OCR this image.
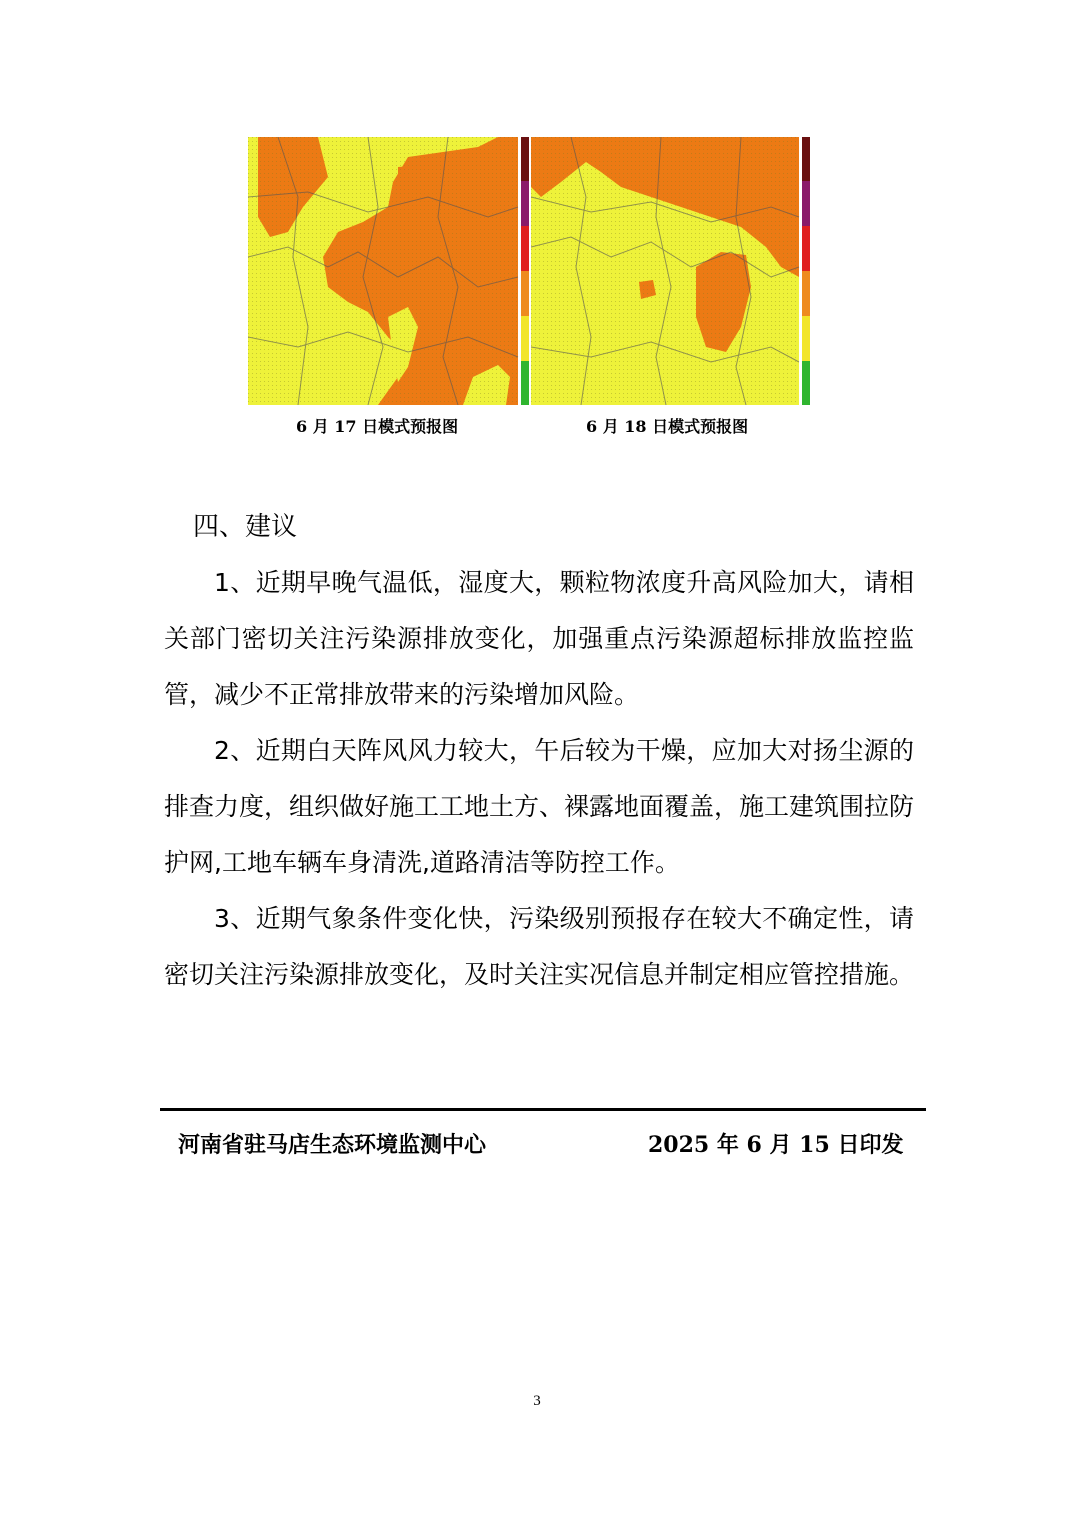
6 月 17 日模式预报图	6 月 18 日模式预报图
四、建议

1、近期早晚气温低，湿度大，颗粒物浓度升高风险加大，请相关部门密切关注污染源排放变化，加强重点污染源超标排放监控监管，减少不正常排放带来的污染增加风险。

2、近期白天阵风风力较大，午后较为干燥，应加大对扬尘源的排查力度，组织做好施工工地土方、裸露地面覆盖，施工建筑围拉防护网,工地车辆车身清洗,道路清洁等防控工作。

3、近期气象条件变化快，污染级别预报存在较大不确定性，请密切关注污染源排放变化，及时关注实况信息并制定相应管控措施。

河南省驻马店生态环境监测中心	2025 年 6 月 15 日印发
3
